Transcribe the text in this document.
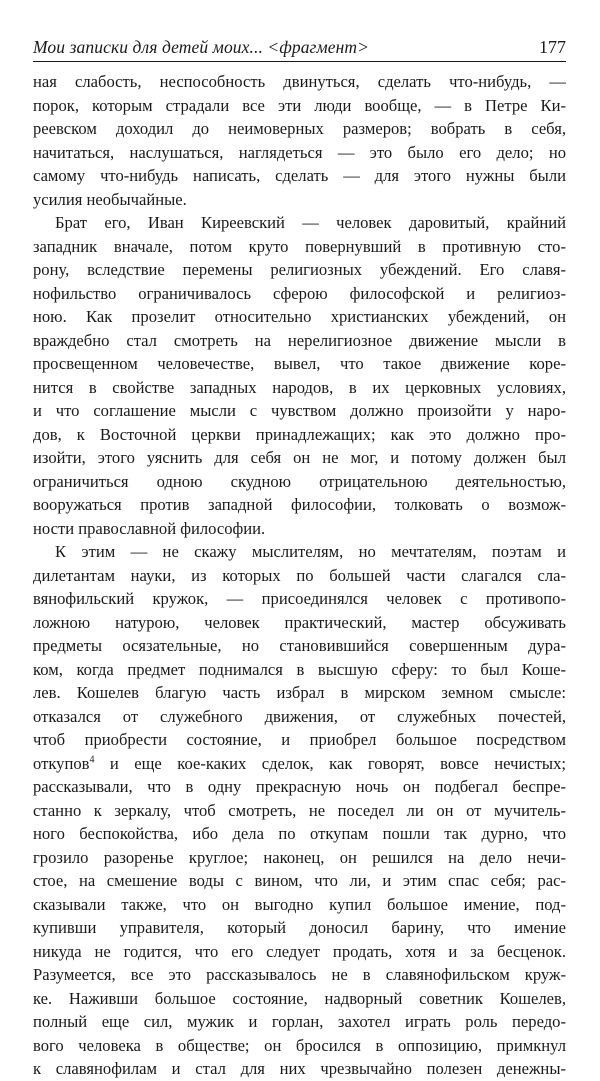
Мои записки для детей моих... <фрагмент>	177
ная слабость, неспособность двинуться, сделать что-нибудь, —
порок, которым страдали все эти люди вообще, — в Петре Ки-
реевском доходил до неимоверных размеров; вобрать в себя,
начитаться, наслушаться, наглядеться — это было его дело; но
самому что-нибудь написать, сделать — для этого нужны были
усилия необычайные.
Брат его, Иван Киреевский — человек даровитый, крайний
западник вначале, потом круто повернувший в противную сто-
рону, вследствие перемены религиозных убеждений. Его славя-
нофильство ограничивалось сферою философской и религиоз-
ною. Как прозелит относительно христианских убеждений, он
враждебно стал смотреть на нерелигиозное движение мысли в
просвещенном человечестве, вывел, что такое движение коре-
нится в свойстве западных народов, в их церковных условиях,
и что соглашение мысли с чувством должно произойти у наро-
дов, к Восточной церкви принадлежащих; как это должно про-
изойти, этого уяснить для себя он не мог, и потому должен был
ограничиться одною скудною отрицательною деятельностью,
вооружаться против западной философии, толковать о возмож-
ности православной философии.
К этим — не скажу мыслителям, но мечтателям, поэтам и
дилетантам науки, из которых по большей части слагался сла-
вянофильский кружок, — присоединялся человек с противопо-
ложною натурою, человек практический, мастер обсуживать
предметы осязательные, но становившийся совершенным дура-
ком, когда предмет поднимался в высшую сферу: то был Коше-
лев. Кошелев благую часть избрал в мирском земном смысле:
отказался от служебного движения, от служебных почестей,
чтоб приобрести состояние, и приобрел большое посредством
откупов$^4$ и еще кое-каких сделок, как говорят, вовсе нечистых;
рассказывали, что в одну прекрасную ночь он подбегал беспре-
станно к зеркалу, чтоб смотреть, не поседел ли он от мучитель-
ного беспокойства, ибо дела по откупам пошли так дурно, что
грозило разоренье круглое; наконец, он решился на дело нечи-
стое, на смешение воды с вином, что ли, и этим спас себя; рас-
сказывали также, что он выгодно купил большое имение, под-
купивши управителя, который доносил барину, что имение
никуда не годится, что его следует продать, хотя и за бесценок.
Разумеется, все это рассказывалось не в славянофильском круж-
ке. Наживши большое состояние, надворный советник Кошелев,
полный еще сил, мужик и горлан, захотел играть роль передо-
вого человека в обществе; он бросился в оппозицию, примкнул
к славянофилам и стал для них чрезвычайно полезен денежны-
